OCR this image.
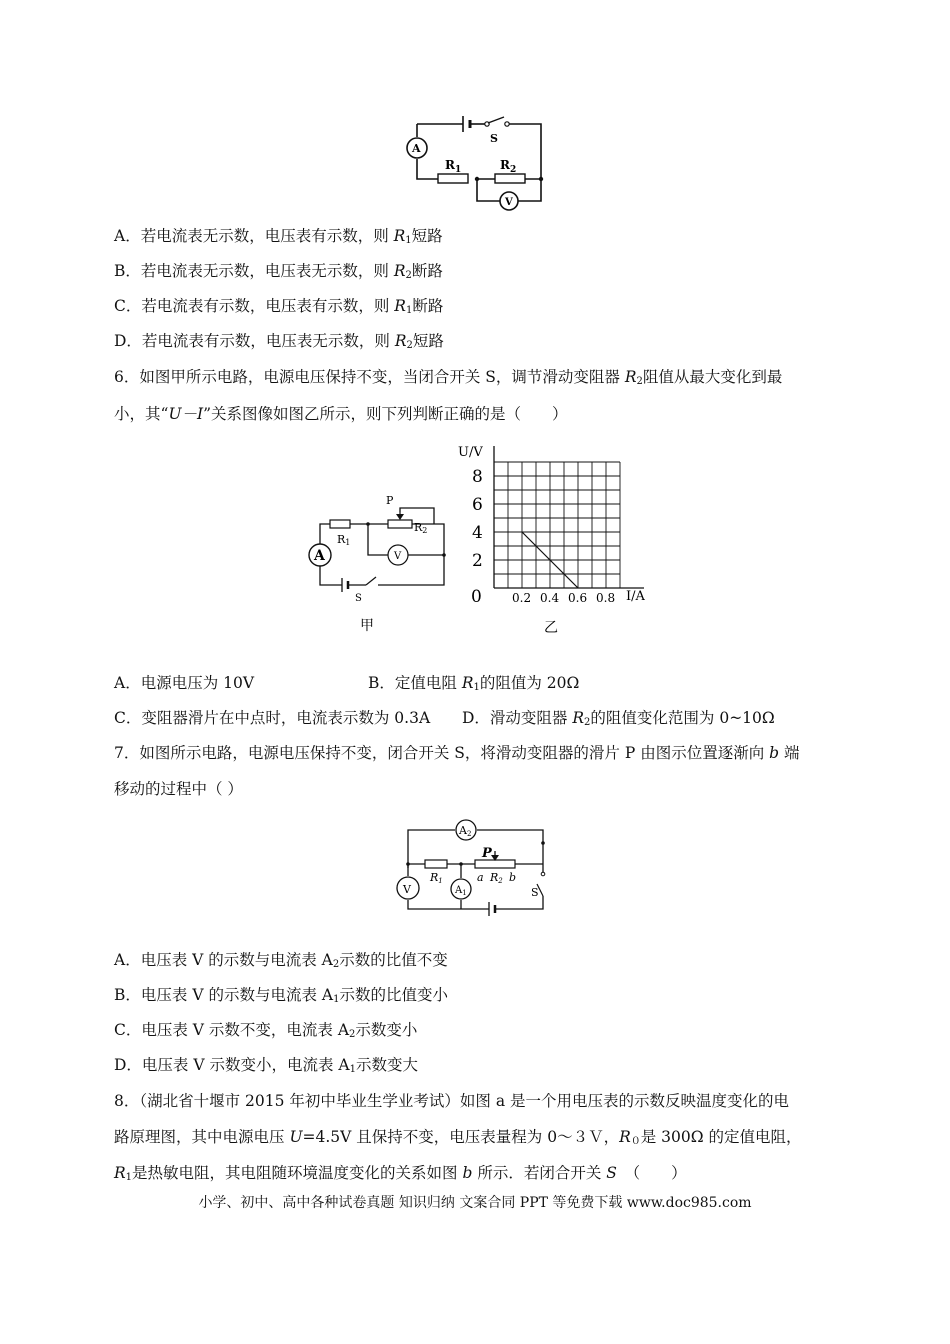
S
A
$R_1$	$R_2$
V
A．若电流表无示数，电压表有示数，则 $R_1$短路
B．若电流表无示数，电压表无示数，则 $R_2$断路
C．若电流表有示数，电压表有示数，则 $R_1$断路
D．若电流表有示数，电压表无示数，则 $R_2$短路
6．如图甲所示电路，电源电压保持不变，当闭合开关 S，调节滑动变阻器 $R_2$阻值从最大变化到最
小，其“U－I”关系图像如图乙所示，则下列判断正确的是（　　）
P
R2
R1
A	V
S
甲
U/V
I/A
0
8
6
4
2
0.2 0.4 0.6 0.8
乙
A．电源电压为 10V	B．定值电阻 $R_1$的阻值为 20Ω
C．变阻器滑片在中点时，电流表示数为 0.3A D．滑动变阻器 $R_2$的阻值变化范围为 0~10Ω
7．如图所示电路，电源电压保持不变，闭合开关 S，将滑动变阻器的滑片 P 由图示位置逐渐向 b 端
移动的过程中（ ）
A2
P
R1	a R2 b
V	$A_1$	S
A．电压表 V 的示数与电流表 $A_2$示数的比值不变
B．电压表 V 的示数与电流表 $A_1$示数的比值变小
C．电压表 V 示数不变，电流表 $A_2$示数变小
D．电压表 V 示数变小，电流表 $A_1$示数变大
8．（湖北省十堰市 2015 年初中毕业生学业考试）如图 a 是一个用电压表的示数反映温度变化的电
路原理图，其中电源电压 U=4.5V 且保持不变，电压表量程为 0～３Ｖ，$R_0$是 300Ω 的定值电阻，
$R_1$是热敏电阻，其电阻随环境温度变化的关系如图 b 所示．若闭合开关 S　（　　）
小学、初中、高中各种试卷真题 知识归纳 文案合同 PPT 等免费下载 www.doc985.com
